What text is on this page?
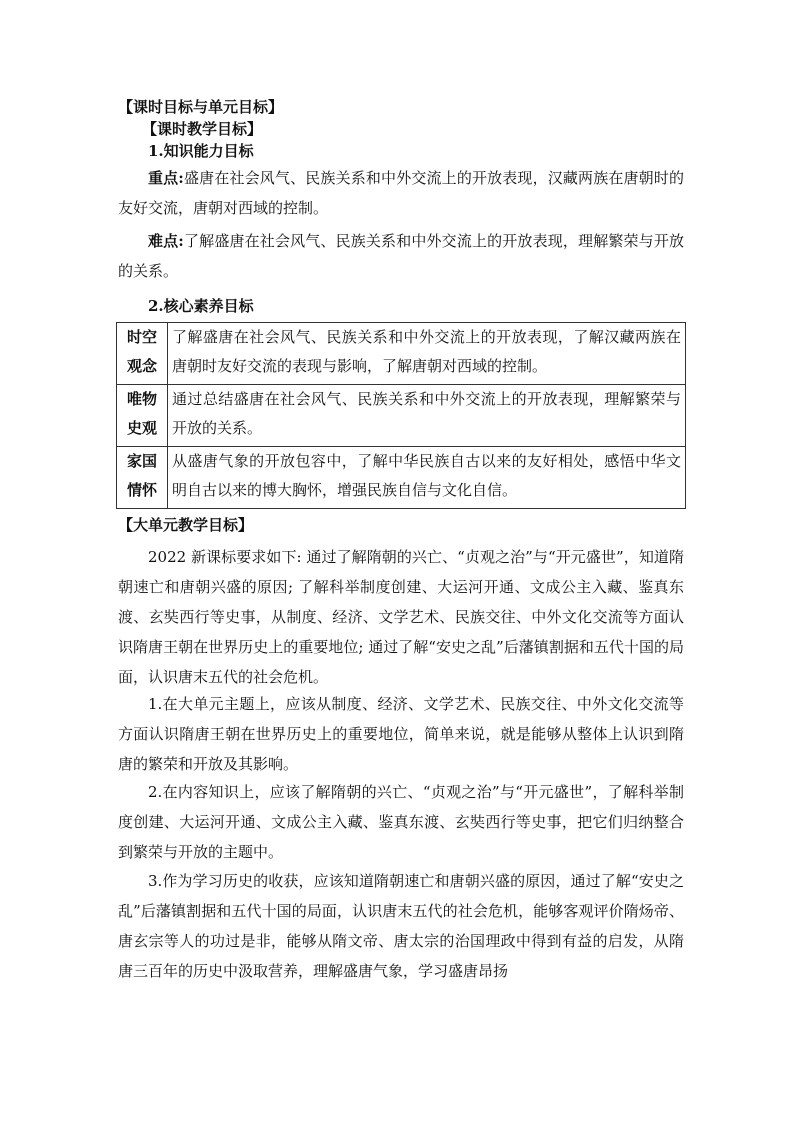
【课时目标与单元目标】
【课时教学目标】
1.知识能力目标

重点:盛唐在社会风气、民族关系和中外交流上的开放表现，汉藏两族在唐朝时的友好交流，唐朝对西域的控制。

难点:了解盛唐在社会风气、民族关系和中外交流上的开放表现，理解繁荣与开放的关系。

2.核心素养目标
时空
观念	了解盛唐在社会风气、民族关系和中外交流上的开放表现，了解汉藏两族在唐朝时友好交流的表现与影响，了解唐朝对西域的控制。
唯物
史观	通过总结盛唐在社会风气、民族关系和中外交流上的开放表现，理解繁荣与开放的关系。
家国
情怀	从盛唐气象的开放包容中，了解中华民族自古以来的友好相处，感悟中华文明自古以来的博大胸怀，增强民族自信与文化自信。
【大单元教学目标】

2022 新课标要求如下: 通过了解隋朝的兴亡、“贞观之治”与“开元盛世”，知道隋朝速亡和唐朝兴盛的原因; 了解科举制度创建、大运河开通、文成公主入藏、鉴真东渡、玄奘西行等史事，从制度、经济、文学艺术、民族交往、中外文化交流等方面认识隋唐王朝在世界历史上的重要地位; 通过了解“安史之乱”后藩镇割据和五代十国的局面，认识唐末五代的社会危机。

1.在大单元主题上，应该从制度、经济、文学艺术、民族交往、中外文化交流等方面认识隋唐王朝在世界历史上的重要地位，简单来说，就是能够从整体上认识到隋唐的繁荣和开放及其影响。

2.在内容知识上，应该了解隋朝的兴亡、“贞观之治”与“开元盛世”，了解科举制度创建、大运河开通、文成公主入藏、鉴真东渡、玄奘西行等史事，把它们归纳整合到繁荣与开放的主题中。

3.作为学习历史的收获，应该知道隋朝速亡和唐朝兴盛的原因，通过了解“安史之乱”后藩镇割据和五代十国的局面，认识唐末五代的社会危机，能够客观评价隋炀帝、唐玄宗等人的功过是非，能够从隋文帝、唐太宗的治国理政中得到有益的启发，从隋唐三百年的历史中汲取营养，理解盛唐气象，学习盛唐昂扬
